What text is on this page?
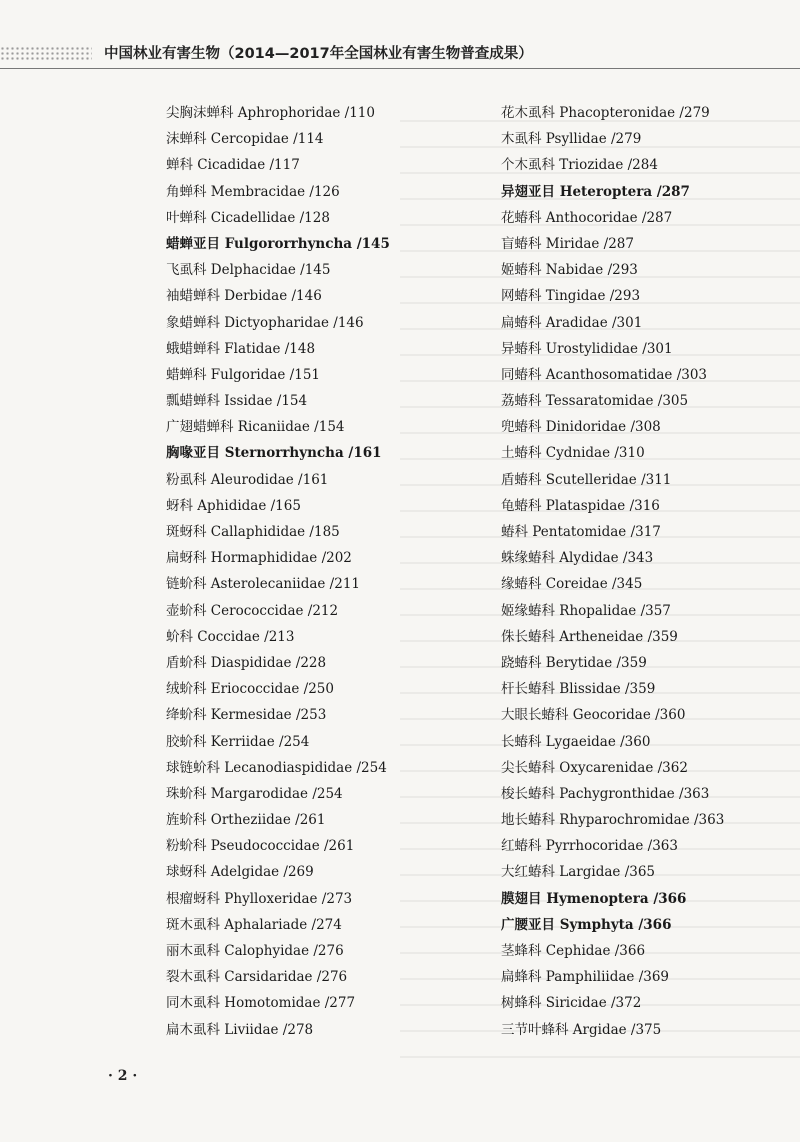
中国林业有害生物（2014—2017年全国林业有害生物普查成果）
尖胸沫蝉科 Aphrophoridae /110
沫蝉科 Cercopidae /114
蝉科 Cicadidae /117
角蝉科 Membracidae /126
叶蝉科 Cicadellidae /128
蜡蝉亚目 Fulgororrhyncha /145
飞虱科 Delphacidae /145
袖蜡蝉科 Derbidae /146
象蜡蝉科 Dictyopharidae /146
蛾蜡蝉科 Flatidae /148
蜡蝉科 Fulgoridae /151
瓢蜡蝉科 Issidae /154
广翅蜡蝉科 Ricaniidae /154
胸喙亚目 Sternorrhyncha /161
粉虱科 Aleurodidae /161
蚜科 Aphididae /165
斑蚜科 Callaphididae /185
扁蚜科 Hormaphididae /202
链蚧科 Asterolecaniidae /211
壶蚧科 Cerococcidae /212
蚧科 Coccidae /213
盾蚧科 Diaspididae /228
绒蚧科 Eriococcidae /250
绛蚧科 Kermesidae /253
胶蚧科 Kerriidae /254
球链蚧科 Lecanodiaspididae /254
珠蚧科 Margarodidae /254
旌蚧科 Ortheziidae /261
粉蚧科 Pseudococcidae /261
球蚜科 Adelgidae /269
根瘤蚜科 Phylloxeridae /273
斑木虱科 Aphalariade /274
丽木虱科 Calophyidae /276
裂木虱科 Carsidaridae /276
同木虱科 Homotomidae /277
扁木虱科 Liviidae /278
花木虱科 Phacopteronidae /279
木虱科 Psyllidae /279
个木虱科 Triozidae /284
异翅亚目 Heteroptera /287
花蝽科 Anthocoridae /287
盲蝽科 Miridae /287
姬蝽科 Nabidae /293
网蝽科 Tingidae /293
扁蝽科 Aradidae /301
异蝽科 Urostylididae /301
同蝽科 Acanthosomatidae /303
荔蝽科 Tessaratomidae /305
兜蝽科 Dinidoridae /308
土蝽科 Cydnidae /310
盾蝽科 Scutelleridae /311
龟蝽科 Plataspidae /316
蝽科 Pentatomidae /317
蛛缘蝽科 Alydidae /343
缘蝽科 Coreidae /345
姬缘蝽科 Rhopalidae /357
侏长蝽科 Artheneidae /359
跷蝽科 Berytidae /359
杆长蝽科 Blissidae /359
大眼长蝽科 Geocoridae /360
长蝽科 Lygaeidae /360
尖长蝽科 Oxycarenidae /362
梭长蝽科 Pachygronthidae /363
地长蝽科 Rhyparochromidae /363
红蝽科 Pyrrhocoridae /363
大红蝽科 Largidae /365
膜翅目 Hymenoptera /366
广腰亚目 Symphyta /366
茎蜂科 Cephidae /366
扁蜂科 Pamphiliidae /369
树蜂科 Siricidae /372
三节叶蜂科 Argidae /375
· 2 ·
